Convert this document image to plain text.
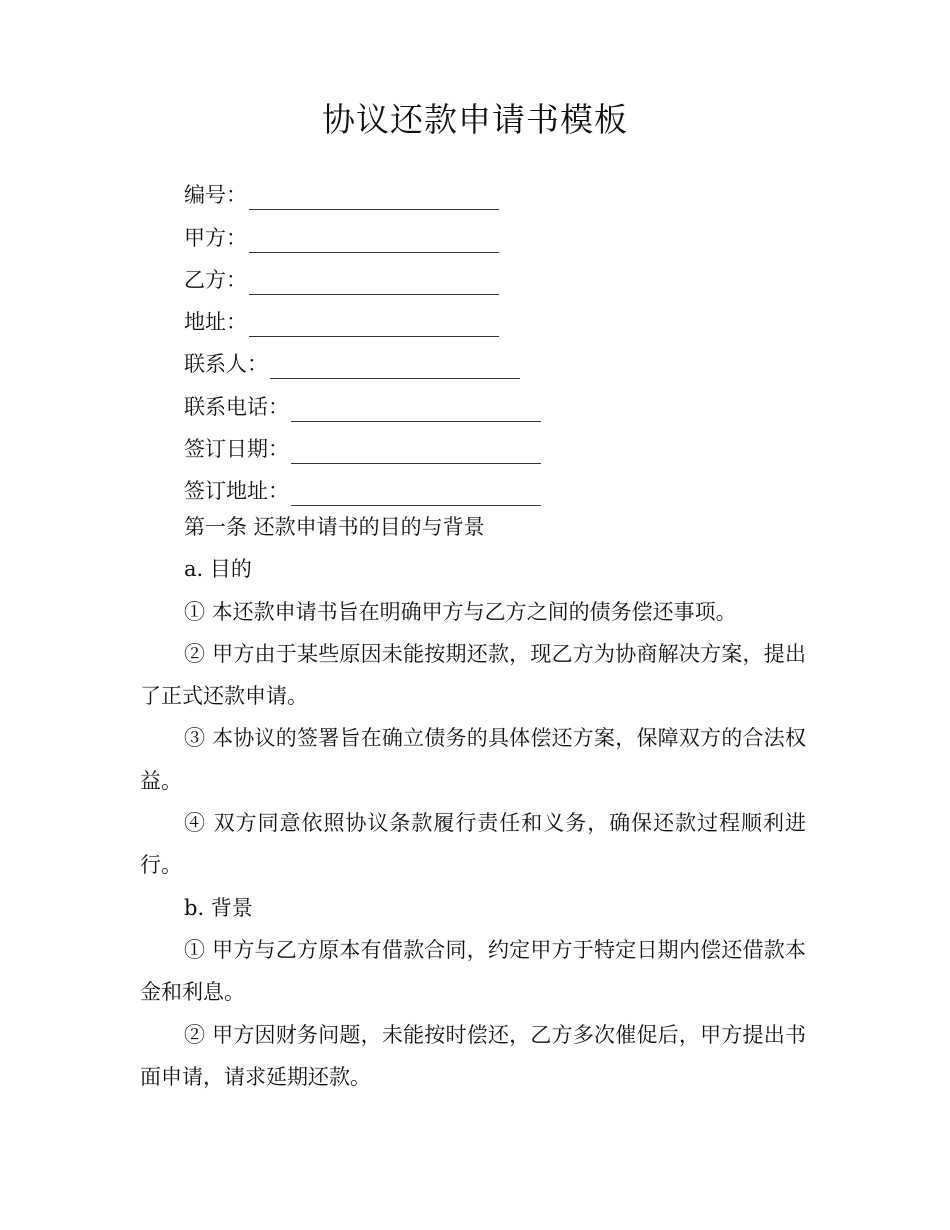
协议还款申请书模板
编号：
甲方：
乙方：
地址：
联系人：
联系电话：
签订日期：
签订地址：

第一条 还款申请书的目的与背景

a. 目的

① 本还款申请书旨在明确甲方与乙方之间的债务偿还事项。

② 甲方由于某些原因未能按期还款，现乙方为协商解决方案，提出了正式还款申请。

③ 本协议的签署旨在确立债务的具体偿还方案，保障双方的合法权益。

④ 双方同意依照协议条款履行责任和义务，确保还款过程顺利进行。

b. 背景

① 甲方与乙方原本有借款合同，约定甲方于特定日期内偿还借款本金和利息。

② 甲方因财务问题，未能按时偿还，乙方多次催促后，甲方提出书面申请，请求延期还款。
